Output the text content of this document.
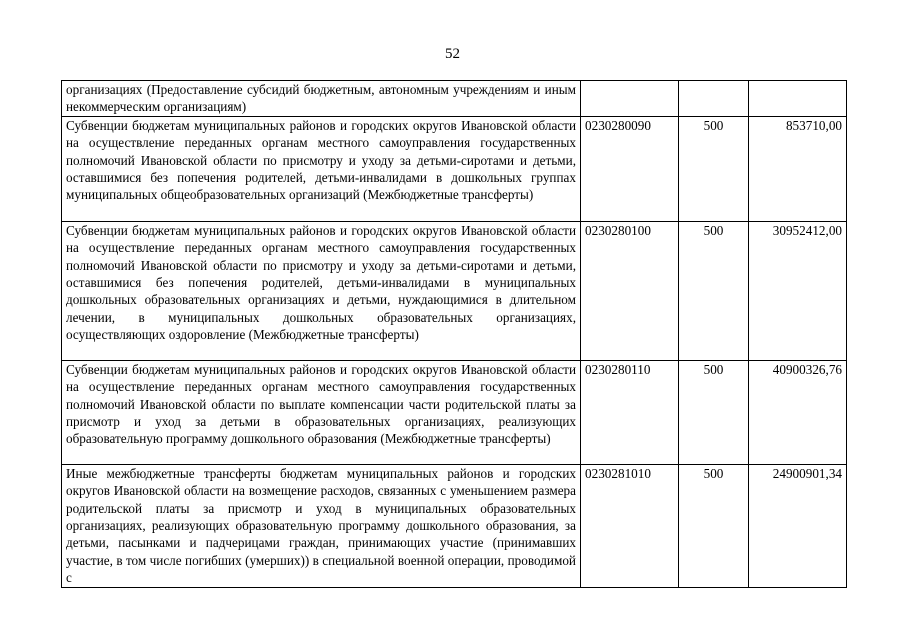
52
организациях (Предоставление субсидий бюджетным, автономным учреждениям и иным некоммерческим организациям)			
Субвенции бюджетам муниципальных районов и городских округов Ивановской области на осуществление переданных органам местного самоуправления государственных полномочий Ивановской области по присмотру и уходу за детьми-сиротами и детьми, оставшимися без попечения родителей, детьми-инвалидами в дошкольных группах муниципальных общеобразовательных организаций (Межбюджетные трансферты)	0230280090	500	853710,00
Субвенции бюджетам муниципальных районов и городских округов Ивановской области на осуществление переданных органам местного самоуправления государственных полномочий Ивановской области по присмотру и уходу за детьми-сиротами и детьми, оставшимися без попечения родителей, детьми-инвалидами в муниципальных дошкольных образовательных организациях и детьми, нуждающимися в длительном лечении, в муниципальных дошкольных образовательных организациях, осуществляющих оздоровление (Межбюджетные трансферты)	0230280100	500	30952412,00
Субвенции бюджетам муниципальных районов и городских округов Ивановской области на осуществление переданных органам местного самоуправления государственных полномочий Ивановской области по выплате компенсации части родительской платы за присмотр и уход за детьми в образовательных организациях, реализующих образовательную программу дошкольного образования (Межбюджетные трансферты)	0230280110	500	40900326,76
Иные межбюджетные трансферты бюджетам муниципальных районов и городских округов Ивановской области на возмещение расходов, связанных с уменьшением размера родительской платы за присмотр и уход в муниципальных образовательных организациях, реализующих образовательную программу дошкольного образования, за детьми, пасынками и падчерицами граждан, принимающих участие (принимавших участие, в том числе погибших (умерших)) в специальной военной операции, проводимой с	0230281010	500	24900901,34
